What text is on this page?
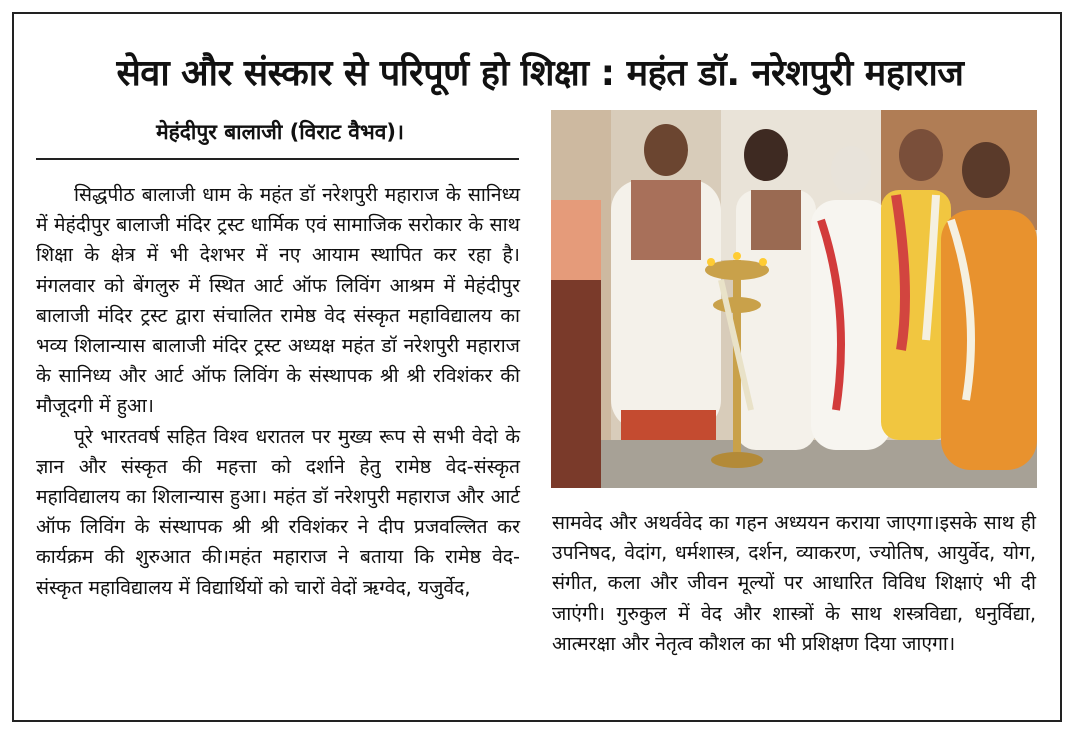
सेवा और संस्कार से परिपूर्ण हो शिक्षा : महंत डॉ. नरेशपुरी महाराज
मेहंदीपुर बालाजी (विराट वैभव)।

सिद्धपीठ बालाजी धाम के महंत डॉ नरेशपुरी महाराज के सानिध्य में मेहंदीपुर बालाजी मंदिर ट्रस्ट धार्मिक एवं सामाजिक सरोकार के साथ शिक्षा के क्षेत्र में भी देशभर में नए आयाम स्थापित कर रहा है। मंगलवार को बेंगलुरु में स्थित आर्ट ऑफ लिविंग आश्रम में मेहंदीपुर बालाजी मंदिर ट्रस्ट द्वारा संचालित रामेष्ठ वेद संस्कृत महाविद्यालय का भव्य शिलान्यास बालाजी मंदिर ट्रस्ट अध्यक्ष महंत डॉ नरेशपुरी महाराज के सानिध्य और आर्ट ऑफ लिविंग के संस्थापक श्री श्री रविशंकर की मौजूदगी में हुआ।

पूरे भारतवर्ष सहित विश्व धरातल पर मुख्य रूप से सभी वेदो के ज्ञान और संस्कृत की महत्ता को दर्शाने हेतु रामेष्ठ वेद-संस्कृत महाविद्यालय का शिलान्यास हुआ। महंत डॉ नरेशपुरी महाराज और आर्ट ऑफ लिविंग के संस्थापक श्री श्री रविशंकर ने दीप प्रजवल्लित कर कार्यक्रम की शुरुआत की।महंत महाराज ने बताया कि रामेष्ठ वेद-संस्कृत महाविद्यालय में विद्यार्थियों को चारों वेदों ऋग्वेद, यजुर्वेद,

सामवेद और अथर्ववेद का गहन अध्ययन कराया जाएगा।इसके साथ ही उपनिषद, वेदांग, धर्मशास्त्र, दर्शन, व्याकरण, ज्योतिष, आयुर्वेद, योग, संगीत, कला और जीवन मूल्यों पर आधारित विविध शिक्षाएं भी दी जाएंगी। गुरुकुल में वेद और शास्त्रों के साथ शस्त्रविद्या, धनुर्विद्या, आत्मरक्षा और नेतृत्व कौशल का भी प्रशिक्षण दिया जाएगा।
